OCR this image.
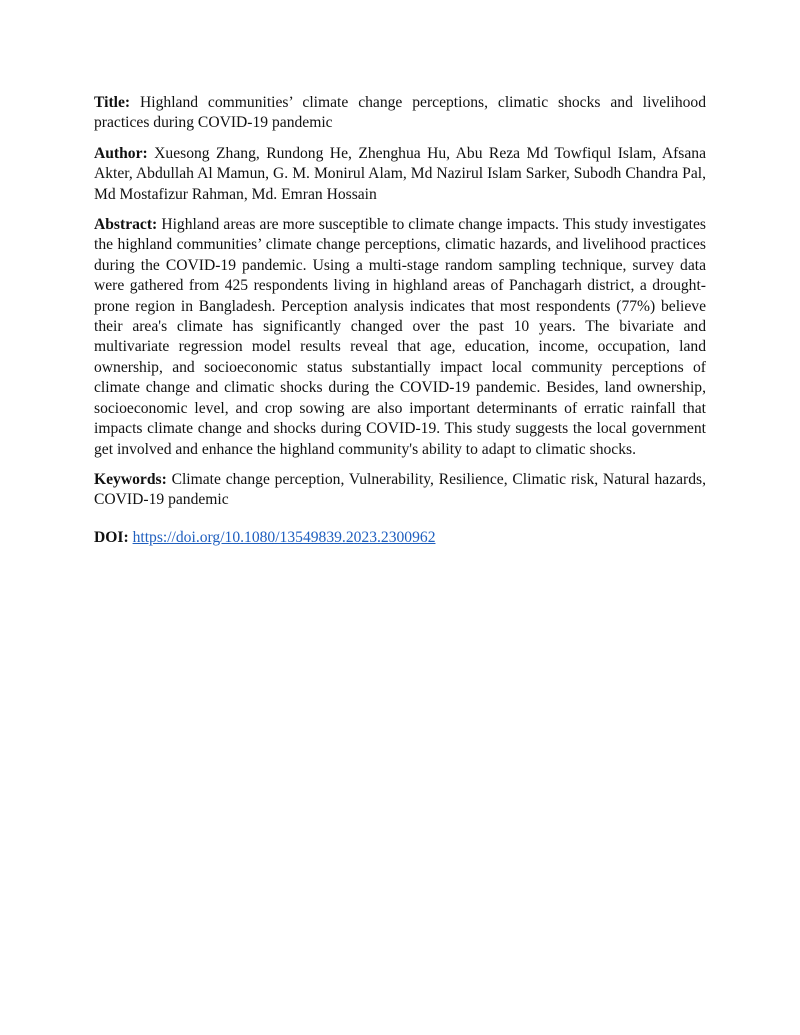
Title: Highland communities’ climate change perceptions, climatic shocks and livelihood practices during COVID-19 pandemic

Author: Xuesong Zhang, Rundong He, Zhenghua Hu, Abu Reza Md Towfiqul Islam, Afsana Akter, Abdullah Al Mamun, G. M. Monirul Alam, Md Nazirul Islam Sarker, Subodh Chandra Pal, Md Mostafizur Rahman, Md. Emran Hossain

Abstract: Highland areas are more susceptible to climate change impacts. This study investigates the highland communities’ climate change perceptions, climatic hazards, and livelihood practices during the COVID-19 pandemic. Using a multi-stage random sampling technique, survey data were gathered from 425 respondents living in highland areas of Panchagarh district, a drought-prone region in Bangladesh. Perception analysis indicates that most respondents (77%) believe their area's climate has significantly changed over the past 10 years. The bivariate and multivariate regression model results reveal that age, education, income, occupation, land ownership, and socioeconomic status substantially impact local community perceptions of climate change and climatic shocks during the COVID-19 pandemic. Besides, land ownership, socioeconomic level, and crop sowing are also important determinants of erratic rainfall that impacts climate change and shocks during COVID-19. This study suggests the local government get involved and enhance the highland community's ability to adapt to climatic shocks.

Keywords: Climate change perception, Vulnerability, Resilience, Climatic risk, Natural hazards, COVID-19 pandemic

DOI: https://doi.org/10.1080/13549839.2023.2300962
